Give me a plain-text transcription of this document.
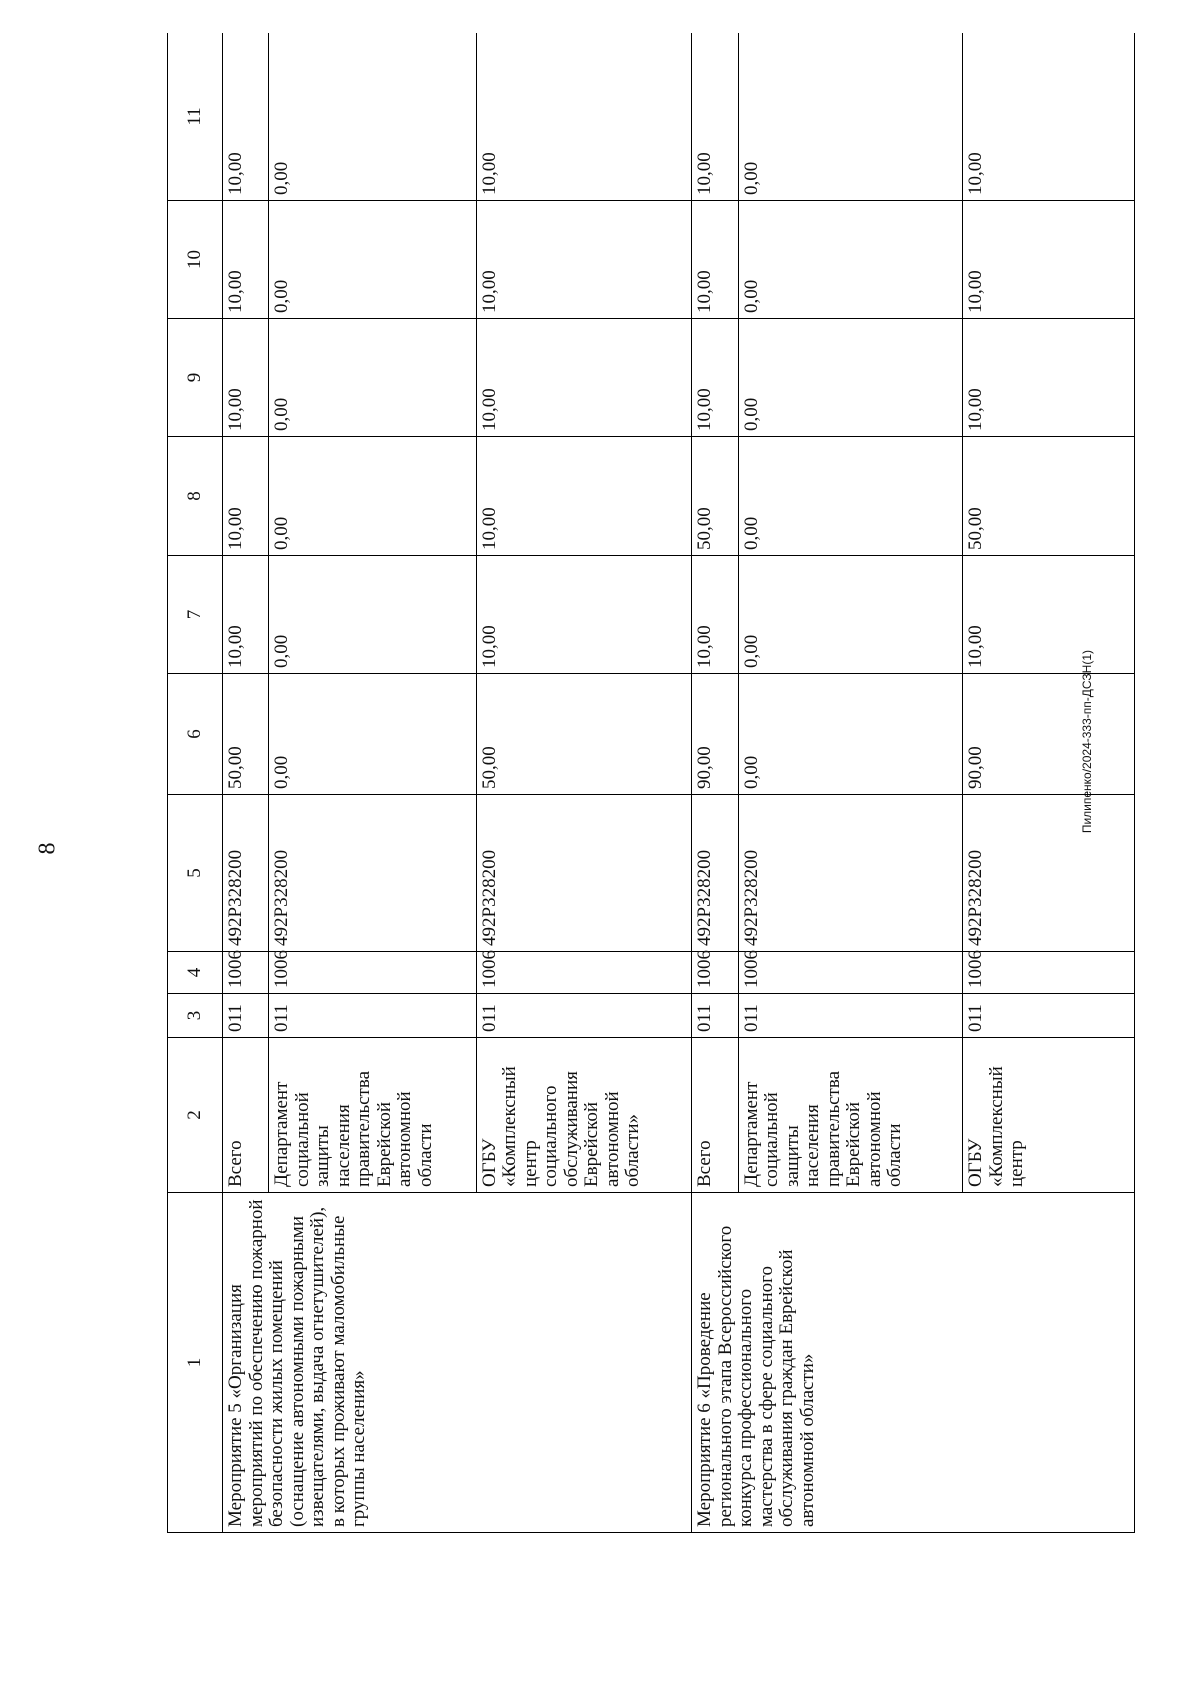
8
Пилипенко/2024-333-пп-ДСЗН(1)
1	2	3	4	5	6	7	8	9	10	11
Мероприятие 5 «Организация мероприятий по обеспечению пожарной безопасности жилых помещений (оснащение автономными пожарными извещателями, выдача огнетушителей), в которых проживают маломобильные группы населения»	Всего	011	1006	492P328200	50,00	10,00	10,00	10,00	10,00	10,00
	Департамент социальной защиты населения правительства Еврейской автономной области	011	1006	492P328200	0,00	0,00	0,00	0,00	0,00	0,00
	ОГБУ «Комплексный центр социального обслуживания Еврейской автономной области»	011	1006	492P328200	50,00	10,00	10,00	10,00	10,00	10,00
Мероприятие 6 «Проведение регионального этапа Всероссийского конкурса профессионального мастерства в сфере социального обслуживания граждан Еврейской автономной области»	Всего	011	1006	492P328200	90,00	10,00	50,00	10,00	10,00	10,00
	Департамент социальной защиты населения правительства Еврейской автономной области	011	1006	492P328200	0,00	0,00	0,00	0,00	0,00	0,00
	ОГБУ «Комплексный центр	011	1006	492P328200	90,00	10,00	50,00	10,00	10,00	10,00
